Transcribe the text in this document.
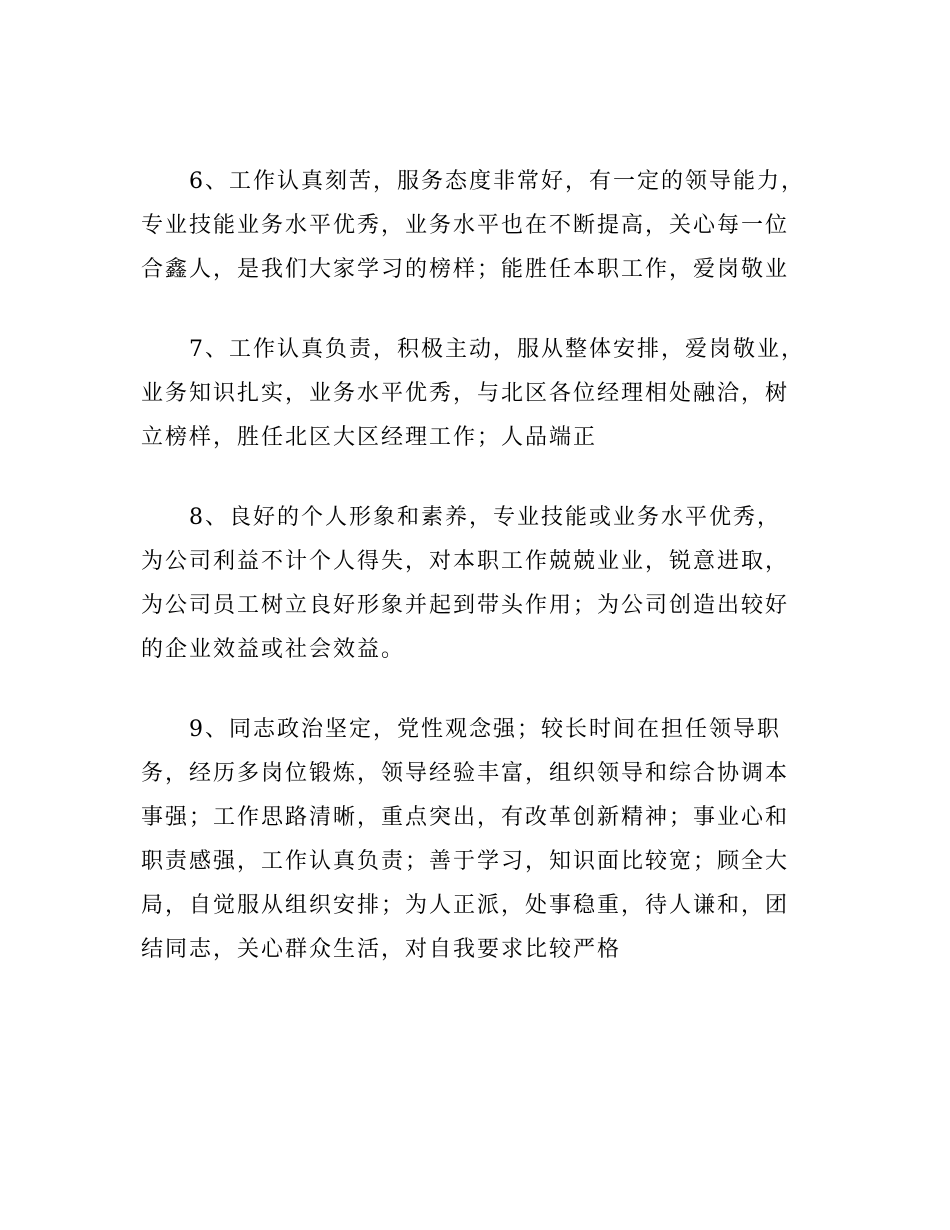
6、工作认真刻苦，服务态度非常好，有一定的领导能力，
专业技能业务水平优秀，业务水平也在不断提高，关心每一位
合鑫人，是我们大家学习的榜样；能胜任本职工作，爱岗敬业
7、工作认真负责，积极主动，服从整体安排，爱岗敬业，
业务知识扎实，业务水平优秀，与北区各位经理相处融洽，树
立榜样，胜任北区大区经理工作；人品端正
8、良好的个人形象和素养，专业技能或业务水平优秀，
为公司利益不计个人得失，对本职工作兢兢业业，锐意进取，
为公司员工树立良好形象并起到带头作用；为公司创造出较好
的企业效益或社会效益。
9、同志政治坚定，党性观念强；较长时间在担任领导职
务，经历多岗位锻炼，领导经验丰富，组织领导和综合协调本
事强；工作思路清晰，重点突出，有改革创新精神；事业心和
职责感强，工作认真负责；善于学习，知识面比较宽；顾全大
局，自觉服从组织安排；为人正派，处事稳重，待人谦和，团
结同志，关心群众生活，对自我要求比较严格
